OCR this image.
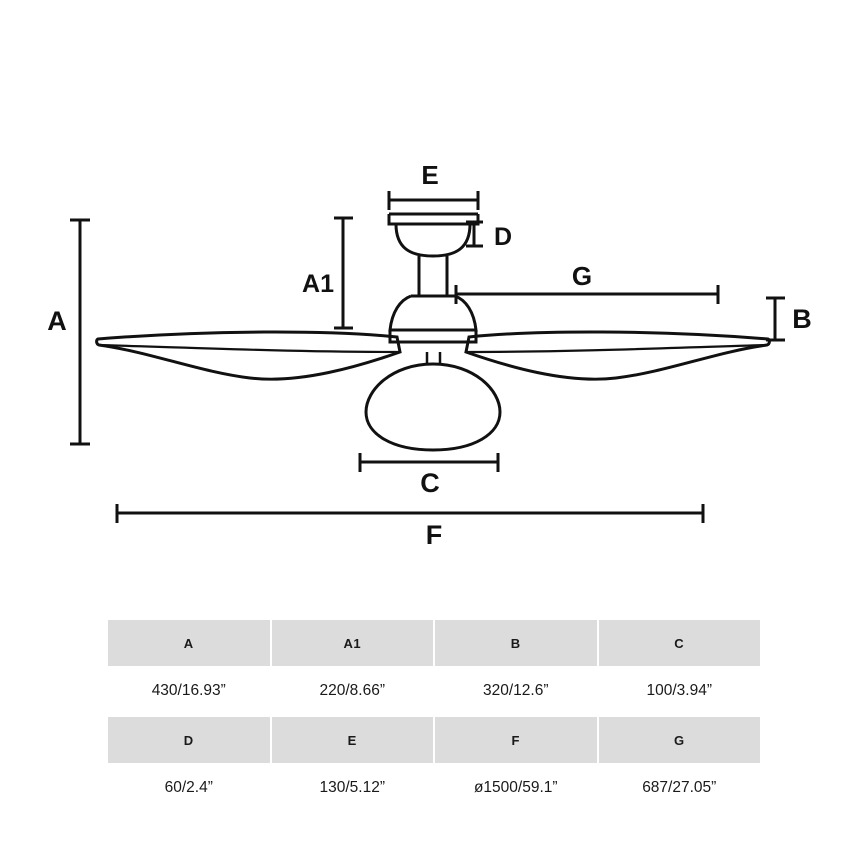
A
A1
B
C
D
E
F
G
A	A1	B	C
430/16.93”	220/8.66”	320/12.6”	100/3.94”
D	E	F	G
60/2.4”	130/5.12”	ø1500/59.1”	687/27.05”
